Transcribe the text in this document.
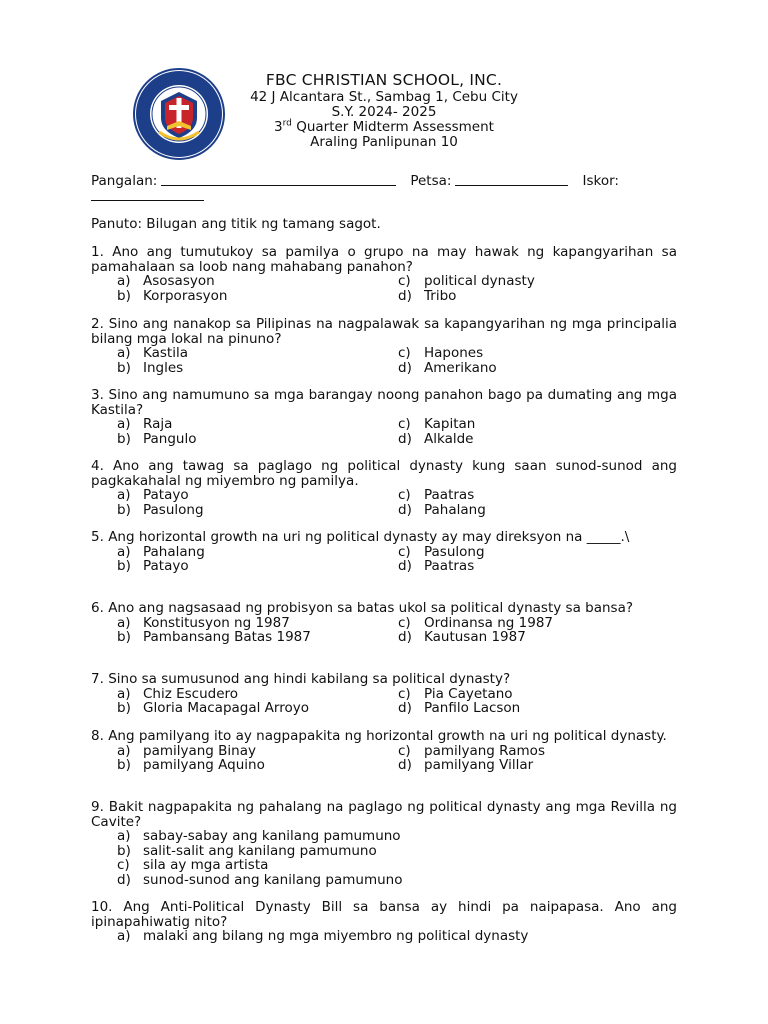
FBC CHRISTIAN SCHOOL, INC.
42 J Alcantara St., Sambag 1, Cebu City
S.Y. 2024- 2025
3rd Quarter Midterm Assessment
Araling Panlipunan 10
Pangalan:	Petsa:	Iskor:
Panuto: Bilugan ang titik ng tamang sagot.
1. Ano ang tumutukoy sa pamilya o grupo na may hawak ng kapangyarihan sa pamahalaan sa loob nang mahabang panahon?
a) Asosasyon	c) political dynasty
b) Korporasyon	d) Tribo
2. Sino ang nanakop sa Pilipinas na nagpalawak sa kapangyarihan ng mga principalia bilang mga lokal na pinuno?
a) Kastila	c) Hapones
b) Ingles	d) Amerikano
3. Sino ang namumuno sa mga barangay noong panahon bago pa dumating ang mga Kastila?
a) Raja	c) Kapitan
b) Pangulo	d) Alkalde
4. Ano ang tawag sa paglago ng political dynasty kung saan sunod-sunod ang pagkakahalal ng miyembro ng pamilya.
a) Patayo	c) Paatras
b) Pasulong	d) Pahalang
5. Ang horizontal growth na uri ng political dynasty ay may direksyon na _____.\
a) Pahalang	c) Pasulong
b) Patayo	d) Paatras
6. Ano ang nagsasaad ng probisyon sa batas ukol sa political dynasty sa bansa?
a) Konstitusyon ng 1987	c) Ordinansa ng 1987
b) Pambansang Batas 1987	d) Kautusan 1987
7. Sino sa sumusunod ang hindi kabilang sa political dynasty?
a) Chiz Escudero	c) Pia Cayetano
b) Gloria Macapagal Arroyo	d) Panfilo Lacson
8. Ang pamilyang ito ay nagpapakita ng horizontal growth na uri ng political dynasty.
a) pamilyang Binay	c) pamilyang Ramos
b) pamilyang Aquino	d) pamilyang Villar
9. Bakit nagpapakita ng pahalang na paglago ng political dynasty ang mga Revilla ng Cavite?
a) sabay-sabay ang kanilang pamumuno
b) salit-salit ang kanilang pamumuno
c) sila ay mga artista
d) sunod-sunod ang kanilang pamumuno
10. Ang Anti-Political Dynasty Bill sa bansa ay hindi pa naipapasa. Ano ang ipinapahiwatig nito?
a) malaki ang bilang ng mga miyembro ng political dynasty
